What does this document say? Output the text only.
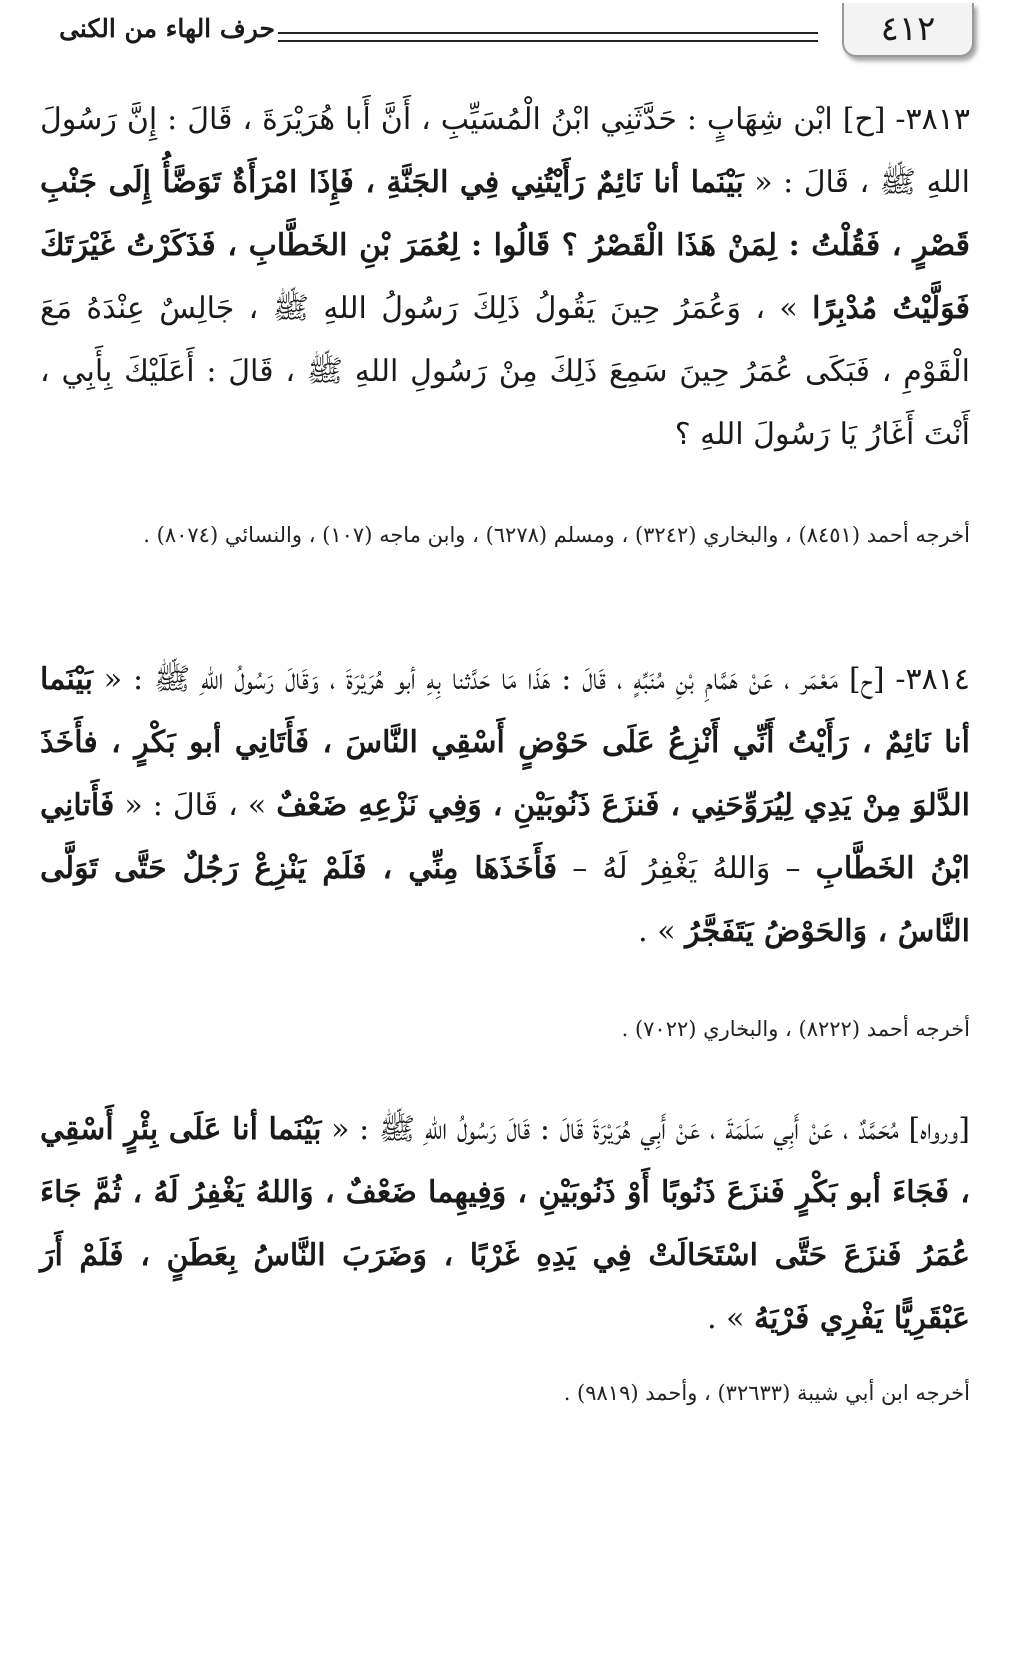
٤١٢
حرف الهاء من الكنى
٣٨١٣- [ح] ابْن شِهَابٍ : حَدَّثَنِي ابْنُ الْمُسَيِّبِ ، أَنَّ أَبا هُرَيْرَةَ ، قَالَ : إِنَّ رَسُولَ اللهِ ﷺ ، قَالَ : « بَيْنَما أنا نَائِمٌ رَأَيْتُنِي فِي الجَنَّةِ ، فَإِذَا امْرَأَةٌ تَوَضَّأُ إِلَى جَنْبِ قَصْرٍ ، فَقُلْتُ : لِمَنْ هَذَا الْقَصْرُ ؟ قَالُوا : لِعُمَرَ بْنِ الخَطَّابِ ، فَذَكَرْتُ غَيْرَتَكَ فَوَلَّيْتُ مُدْبِرًا » ، وَعُمَرُ حِينَ يَقُولُ ذَلِكَ رَسُولُ اللهِ ﷺ ، جَالِسٌ عِنْدَهُ مَعَ الْقَوْمِ ، فَبَكَى عُمَرُ حِينَ سَمِعَ ذَلِكَ مِنْ رَسُولِ اللهِ ﷺ ، قَالَ : أَعَلَيْكَ بِأَبِي ، أَنْتَ أَغَارُ يَا رَسُولَ اللهِ ؟
أخرجه أحمد (٨٤٥١) ، والبخاري (٣٢٤٢) ، ومسلم (٦٢٧٨) ، وابن ماجه (١٠٧) ، والنسائي (٨٠٧٤) .
٣٨١٤- [ح] مَعْمَر ، عَنْ هَمَّامِ بْنِ مُنَبِّهٍ ، قَالَ : هَذَا مَا حَدَّثنا بِهِ أبو هُرَيْرَةَ ، وَقَالَ رَسُولُ اللهِ ﷺ : « بَيْنَما أنا نَائِمٌ ، رَأَيْتُ أَنِّي أَنْزِعُ عَلَى حَوْضٍ أَسْقِي النَّاسَ ، فَأَتَانِي أبو بَكْرٍ ، فأَخَذَ الدَّلوَ مِنْ يَدِي لِيُرَوِّحَنِي ، فَنزَعَ ذَنُوبَيْنِ ، وَفِي نَزْعِهِ ضَعْفٌ » ، قَالَ : « فَأَتانِي ابْنُ الخَطَّابِ – وَاللهُ يَغْفِرُ لَهُ – فَأَخَذَهَا مِنِّي ، فَلَمْ يَنْزِعْ رَجُلٌ حَتَّى تَوَلَّى النَّاسُ ، وَالحَوْضُ يَتَفَجَّرُ » .
أخرجه أحمد (٨٢٢٢) ، والبخاري (٧٠٢٢) .
[ورواه] مُحَمَّدٌ ، عَنْ أَبِي سَلَمَةَ ، عَنْ أَبِي هُرَيْرَةَ قَالَ : قَالَ رَسُولُ اللهِ ﷺ : « بَيْنَما أنا عَلَى بِئْرٍ أَسْقِي ، فَجَاءَ أبو بَكْرٍ فَنزَعَ ذَنُوبًا أَوْ ذَنُوبَيْنِ ، وَفِيهِما ضَعْفٌ ، وَاللهُ يَغْفِرُ لَهُ ، ثُمَّ جَاءَ عُمَرُ فَنزَعَ حَتَّى اسْتَحَالَتْ فِي يَدِهِ غَرْبًا ، وَضَرَبَ النَّاسُ بِعَطَنٍ ، فَلَمْ أَرَ عَبْقَرِيًّا يَفْرِي فَرْيَهُ » .
أخرجه ابن أبي شيبة (٣٢٦٣٣) ، وأحمد (٩٨١٩) .
